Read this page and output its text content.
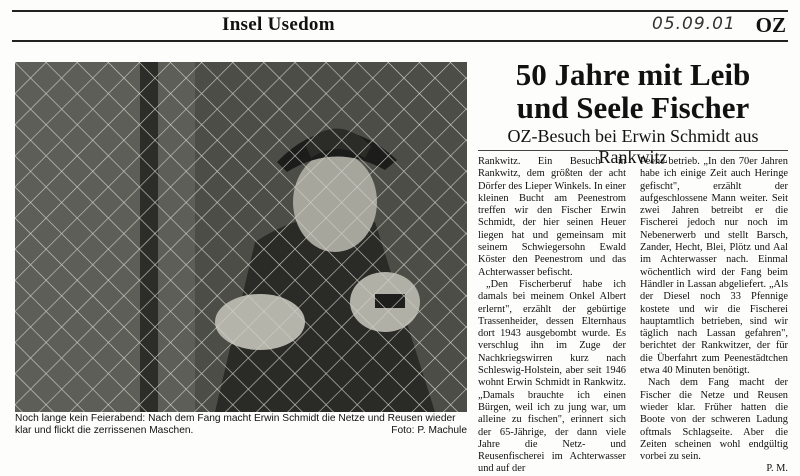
Insel Usedom	05.09.01 OZ
Noch lange kein Feierabend: Nach dem Fang macht Erwin Schmidt die Netze und Reusen wieder klar und flickt die zerrissenen Maschen.	Foto: P. Machule
50 Jahre mit Leib
und Seele Fischer
OZ-Besuch bei Erwin Schmidt aus Rankwitz

Rankwitz. Ein Besuch in Rankwitz, dem größten der acht Dörfer des Lieper Winkels. In einer kleinen Bucht am Peenestrom treffen wir den Fischer Erwin Schmidt, der hier seinen Heuer liegen hat und gemeinsam mit seinem Schwiegersohn Ewald Köster den Peenestrom und das Achterwasser befischt.

„Den Fischerberuf habe ich damals bei meinem Onkel Albert erlernt", erzählt der gebürtige Trassenheider, dessen Elternhaus dort 1943 ausgebombt wurde. Es verschlug ihn im Zuge der Nachkriegswirren kurz nach Schleswig-Holstein, aber seit 1946 wohnt Erwin Schmidt in Rankwitz. „Damals brauchte ich einen Bürgen, weil ich zu jung war, um alleine zu fischen", erinnert sich der 65-Jährige, der dann viele Jahre die Netz- und Reusenfischerei im Achterwasser und auf der

Peene betrieb. „In den 70er Jahren habe ich einige Zeit auch Heringe gefischt", erzählt der aufgeschlossene Mann weiter. Seit zwei Jahren betreibt er die Fischerei jedoch nur noch im Nebenerwerb und stellt Barsch, Zander, Hecht, Blei, Plötz und Aal im Achterwasser nach. Einmal wöchentlich wird der Fang beim Händler in Lassan abgeliefert. „Als der Diesel noch 33 Pfennige kostete und wir die Fischerei hauptamtlich betrieben, sind wir täglich nach Lassan gefahren", berichtet der Rankwitzer, der für die Überfahrt zum Peenestädtchen etwa 40 Minuten benötigt.

Nach dem Fang macht der Fischer die Netze und Reusen wieder klar. Früher hatten die Boote von der schweren Ladung oftmals Schlagseite. Aber die Zeiten scheinen wohl endgültig vorbei zu sein.

P. M.
